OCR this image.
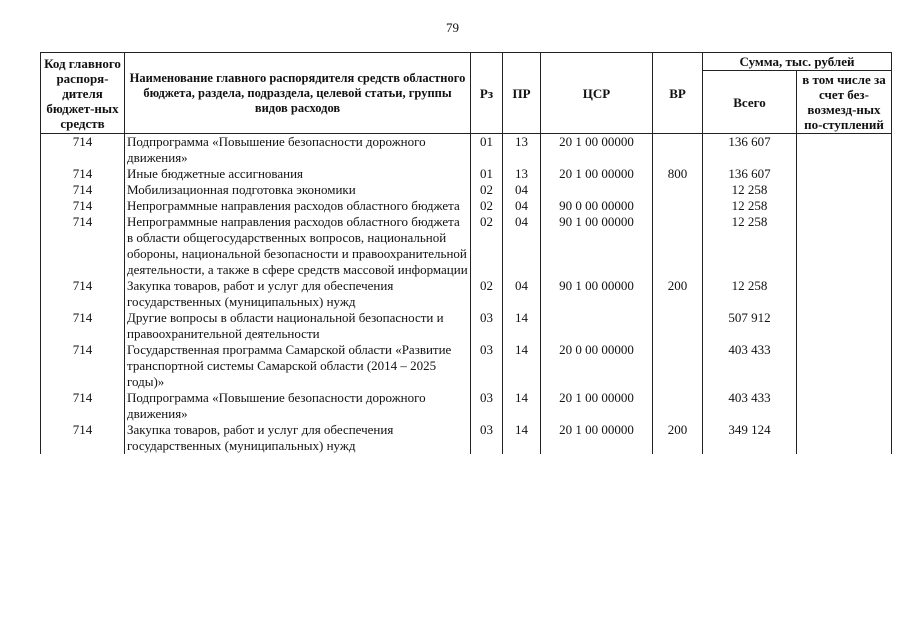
79
Код главного распоря-дителя бюджет-ных средств	Наименование главного распорядителя средств областного бюджета, раздела, подраздела, целевой статьи, группы видов расходов	Рз	ПР	ЦСР	ВР	Сумма, тыс. рублей	
						Всего	в том числе за счет без-возмезд-ных по-ступлений
714	Подпрограмма «Повышение безопасности дорожного движения»	01	13	20 1 00 00000		136 607	
714	Иные бюджетные ассигнования	01	13	20 1 00 00000	800	136 607	
714	Мобилизационная подготовка экономики	02	04			12 258	
714	Непрограммные направления расходов областного бюджета	02	04	90 0 00 00000		12 258	
714	Непрограммные направления расходов областного бюджета в области общегосударственных вопросов, национальной обороны, национальной безопасности и правоохранительной деятельности, а также в сфере средств массовой информации	02	04	90 1 00 00000		12 258	
714	Закупка товаров, работ и услуг для обеспечения государственных (муниципальных) нужд	02	04	90 1 00 00000	200	12 258	
714	Другие вопросы в области национальной безопасности и правоохранительной деятельности	03	14			507 912	
714	Государственная программа Самарской области «Развитие транспортной системы Самарской области (2014 – 2025 годы)»	03	14	20 0 00 00000		403 433	
714	Подпрограмма «Повышение безопасности дорожного движения»	03	14	20 1 00 00000		403 433	
714	Закупка товаров, работ и услуг для обеспечения государственных (муниципальных) нужд	03	14	20 1 00 00000	200	349 124	
